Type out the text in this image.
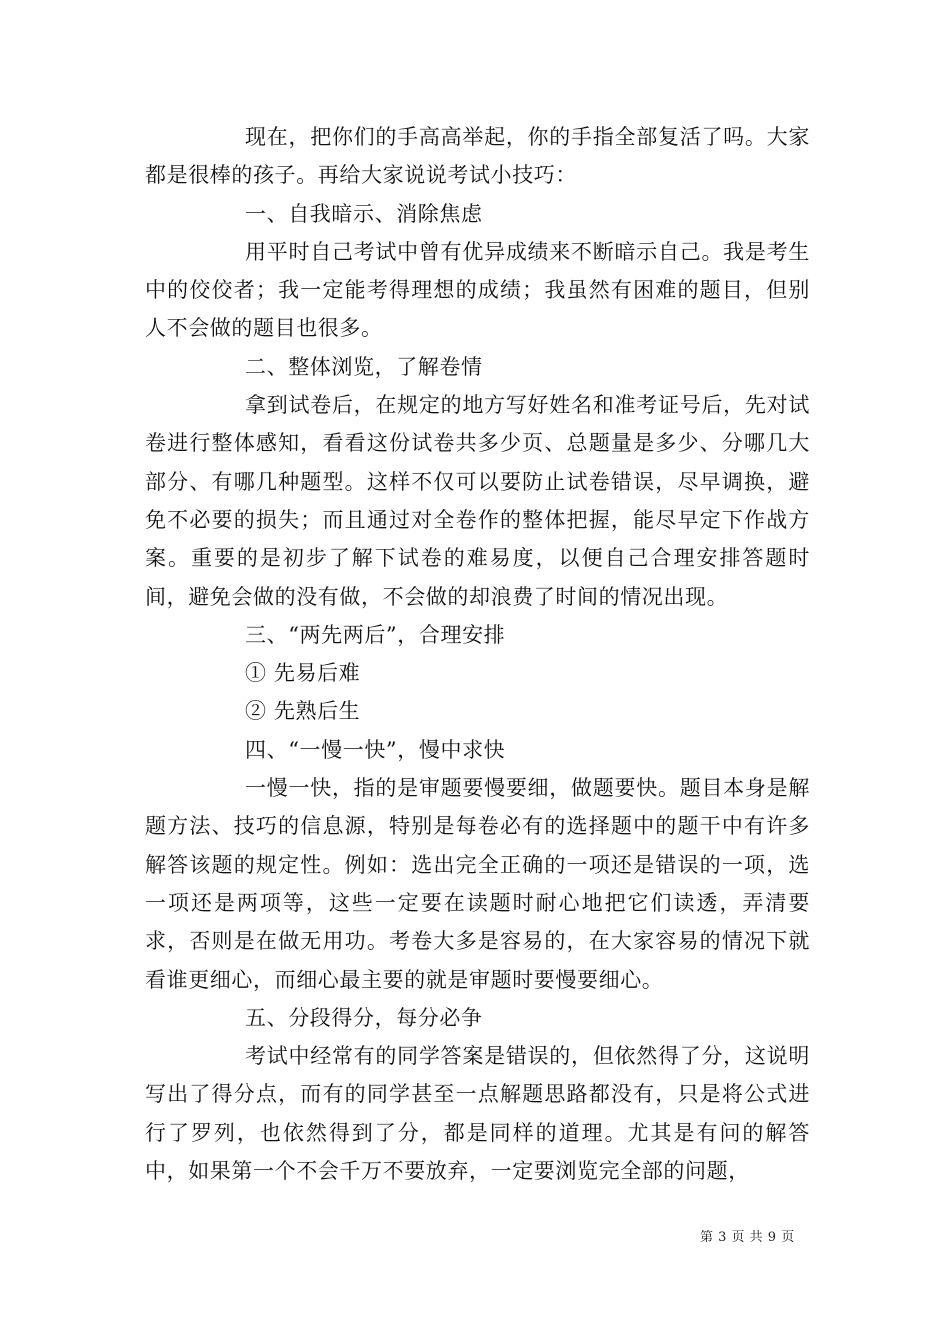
现在，把你们的手高高举起，你的手指全部复活了吗。大家都是很棒的孩子。再给大家说说考试小技巧：

一、自我暗示、消除焦虑

用平时自己考试中曾有优异成绩来不断暗示自己。我是考生中的佼佼者；我一定能考得理想的成绩；我虽然有困难的题目，但别人不会做的题目也很多。

二、整体浏览，了解卷情

拿到试卷后，在规定的地方写好姓名和准考证号后，先对试卷进行整体感知，看看这份试卷共多少页、总题量是多少、分哪几大部分、有哪几种题型。这样不仅可以要防止试卷错误，尽早调换，避免不必要的损失；而且通过对全卷作的整体把握，能尽早定下作战方案。重要的是初步了解下试卷的难易度，以便自己合理安排答题时间，避免会做的没有做，不会做的却浪费了时间的情况出现。

三、“两先两后”，合理安排

① 先易后难

② 先熟后生

四、“一慢一快”，慢中求快

一慢一快，指的是审题要慢要细，做题要快。题目本身是解题方法、技巧的信息源，特别是每卷必有的选择题中的题干中有许多解答该题的规定性。例如：选出完全正确的一项还是错误的一项，选一项还是两项等，这些一定要在读题时耐心地把它们读透，弄清要求，否则是在做无用功。考卷大多是容易的，在大家容易的情况下就看谁更细心，而细心最主要的就是审题时要慢要细心。

五、分段得分，每分必争

考试中经常有的同学答案是错误的，但依然得了分，这说明写出了得分点，而有的同学甚至一点解题思路都没有，只是将公式进行了罗列，也依然得到了分，都是同样的道理。尤其是有问的解答中，如果第一个不会千万不要放弃，一定要浏览完全部的问题，

第 3 页 共 9 页
